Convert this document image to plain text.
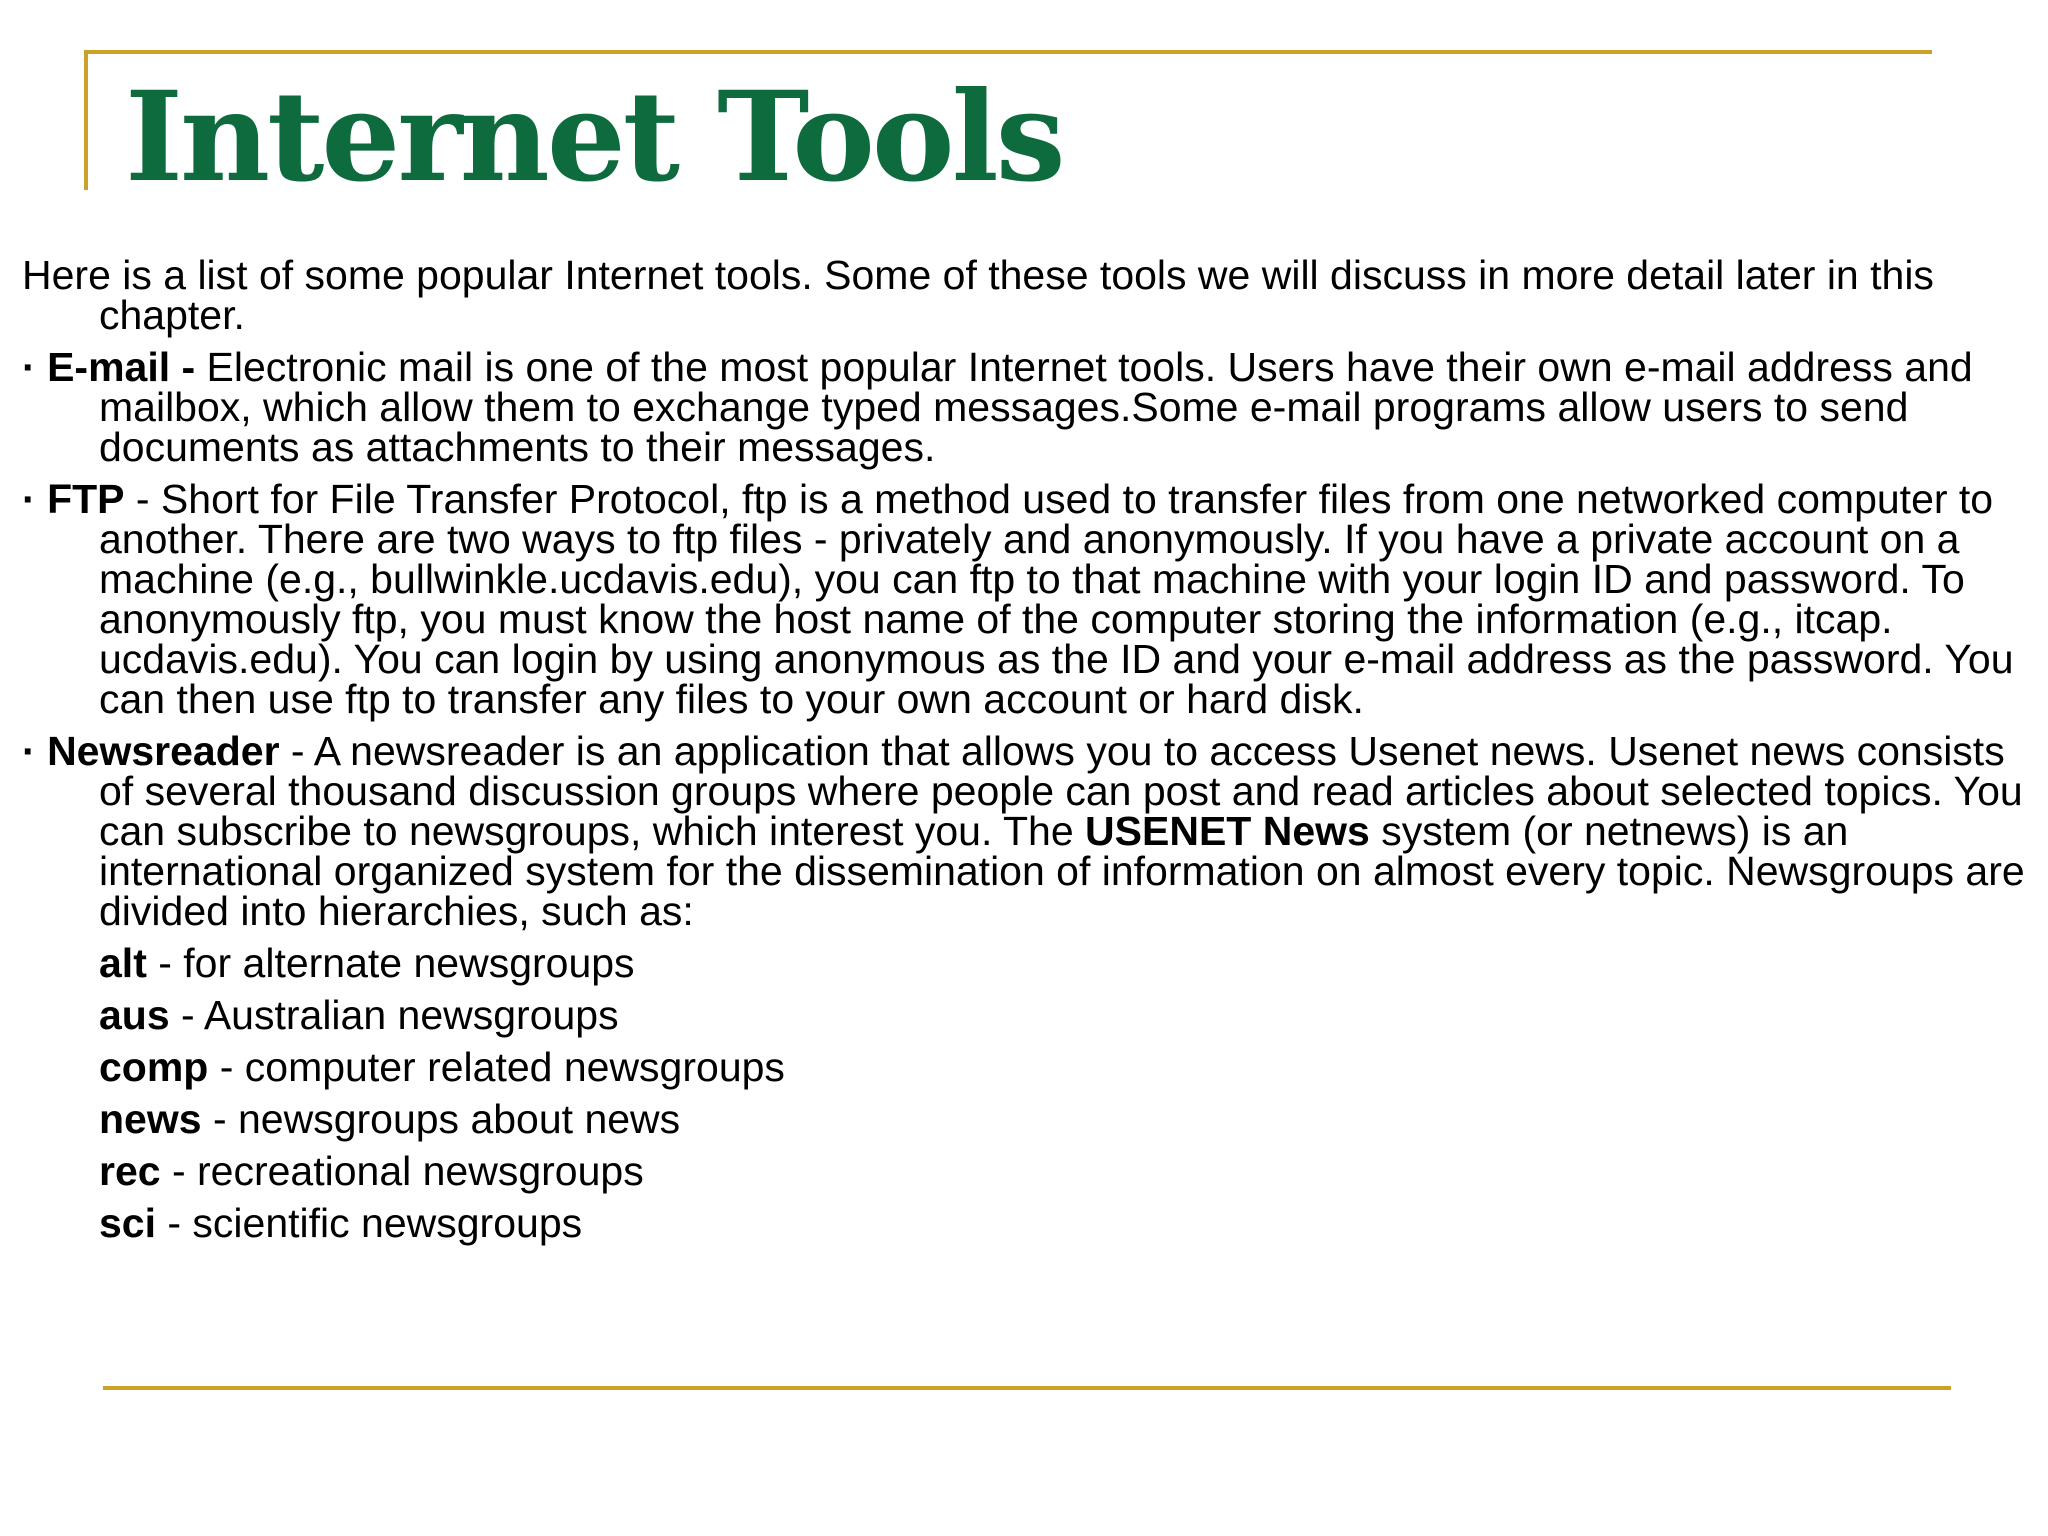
Internet Tools

Here is a list of some popular Internet tools. Some of these tools we will discuss in more detail later in this chapter.

· E-mail - Electronic mail is one of the most popular Internet tools. Users have their own e-mail address and mailbox, which allow them to exchange typed messages.Some e-mail programs allow users to send documents as attachments to their messages.

· FTP - Short for File Transfer Protocol, ftp is a method used to transfer files from one networked computer to another. There are two ways to ftp files - privately and anonymously. If you have a private account on a machine (e.g., bullwinkle.ucdavis.edu), you can ftp to that machine with your login ID and password. To anonymously ftp, you must know the host name of the computer storing the information (e.g., itcap. ucdavis.edu). You can login by using anonymous as the ID and your e-mail address as the password. You can then use ftp to transfer any files to your own account or hard disk.

· Newsreader - A newsreader is an application that allows you to access Usenet news. Usenet news consists of several thousand discussion groups where people can post and read articles about selected topics. You can subscribe to newsgroups, which interest you. The USENET News system (or netnews) is an international organized system for the dissemination of information on almost every topic. Newsgroups are divided into hierarchies, such as:

alt - for alternate newsgroups

aus - Australian newsgroups

comp - computer related newsgroups

news - newsgroups about news

rec - recreational newsgroups

sci - scientific newsgroups
